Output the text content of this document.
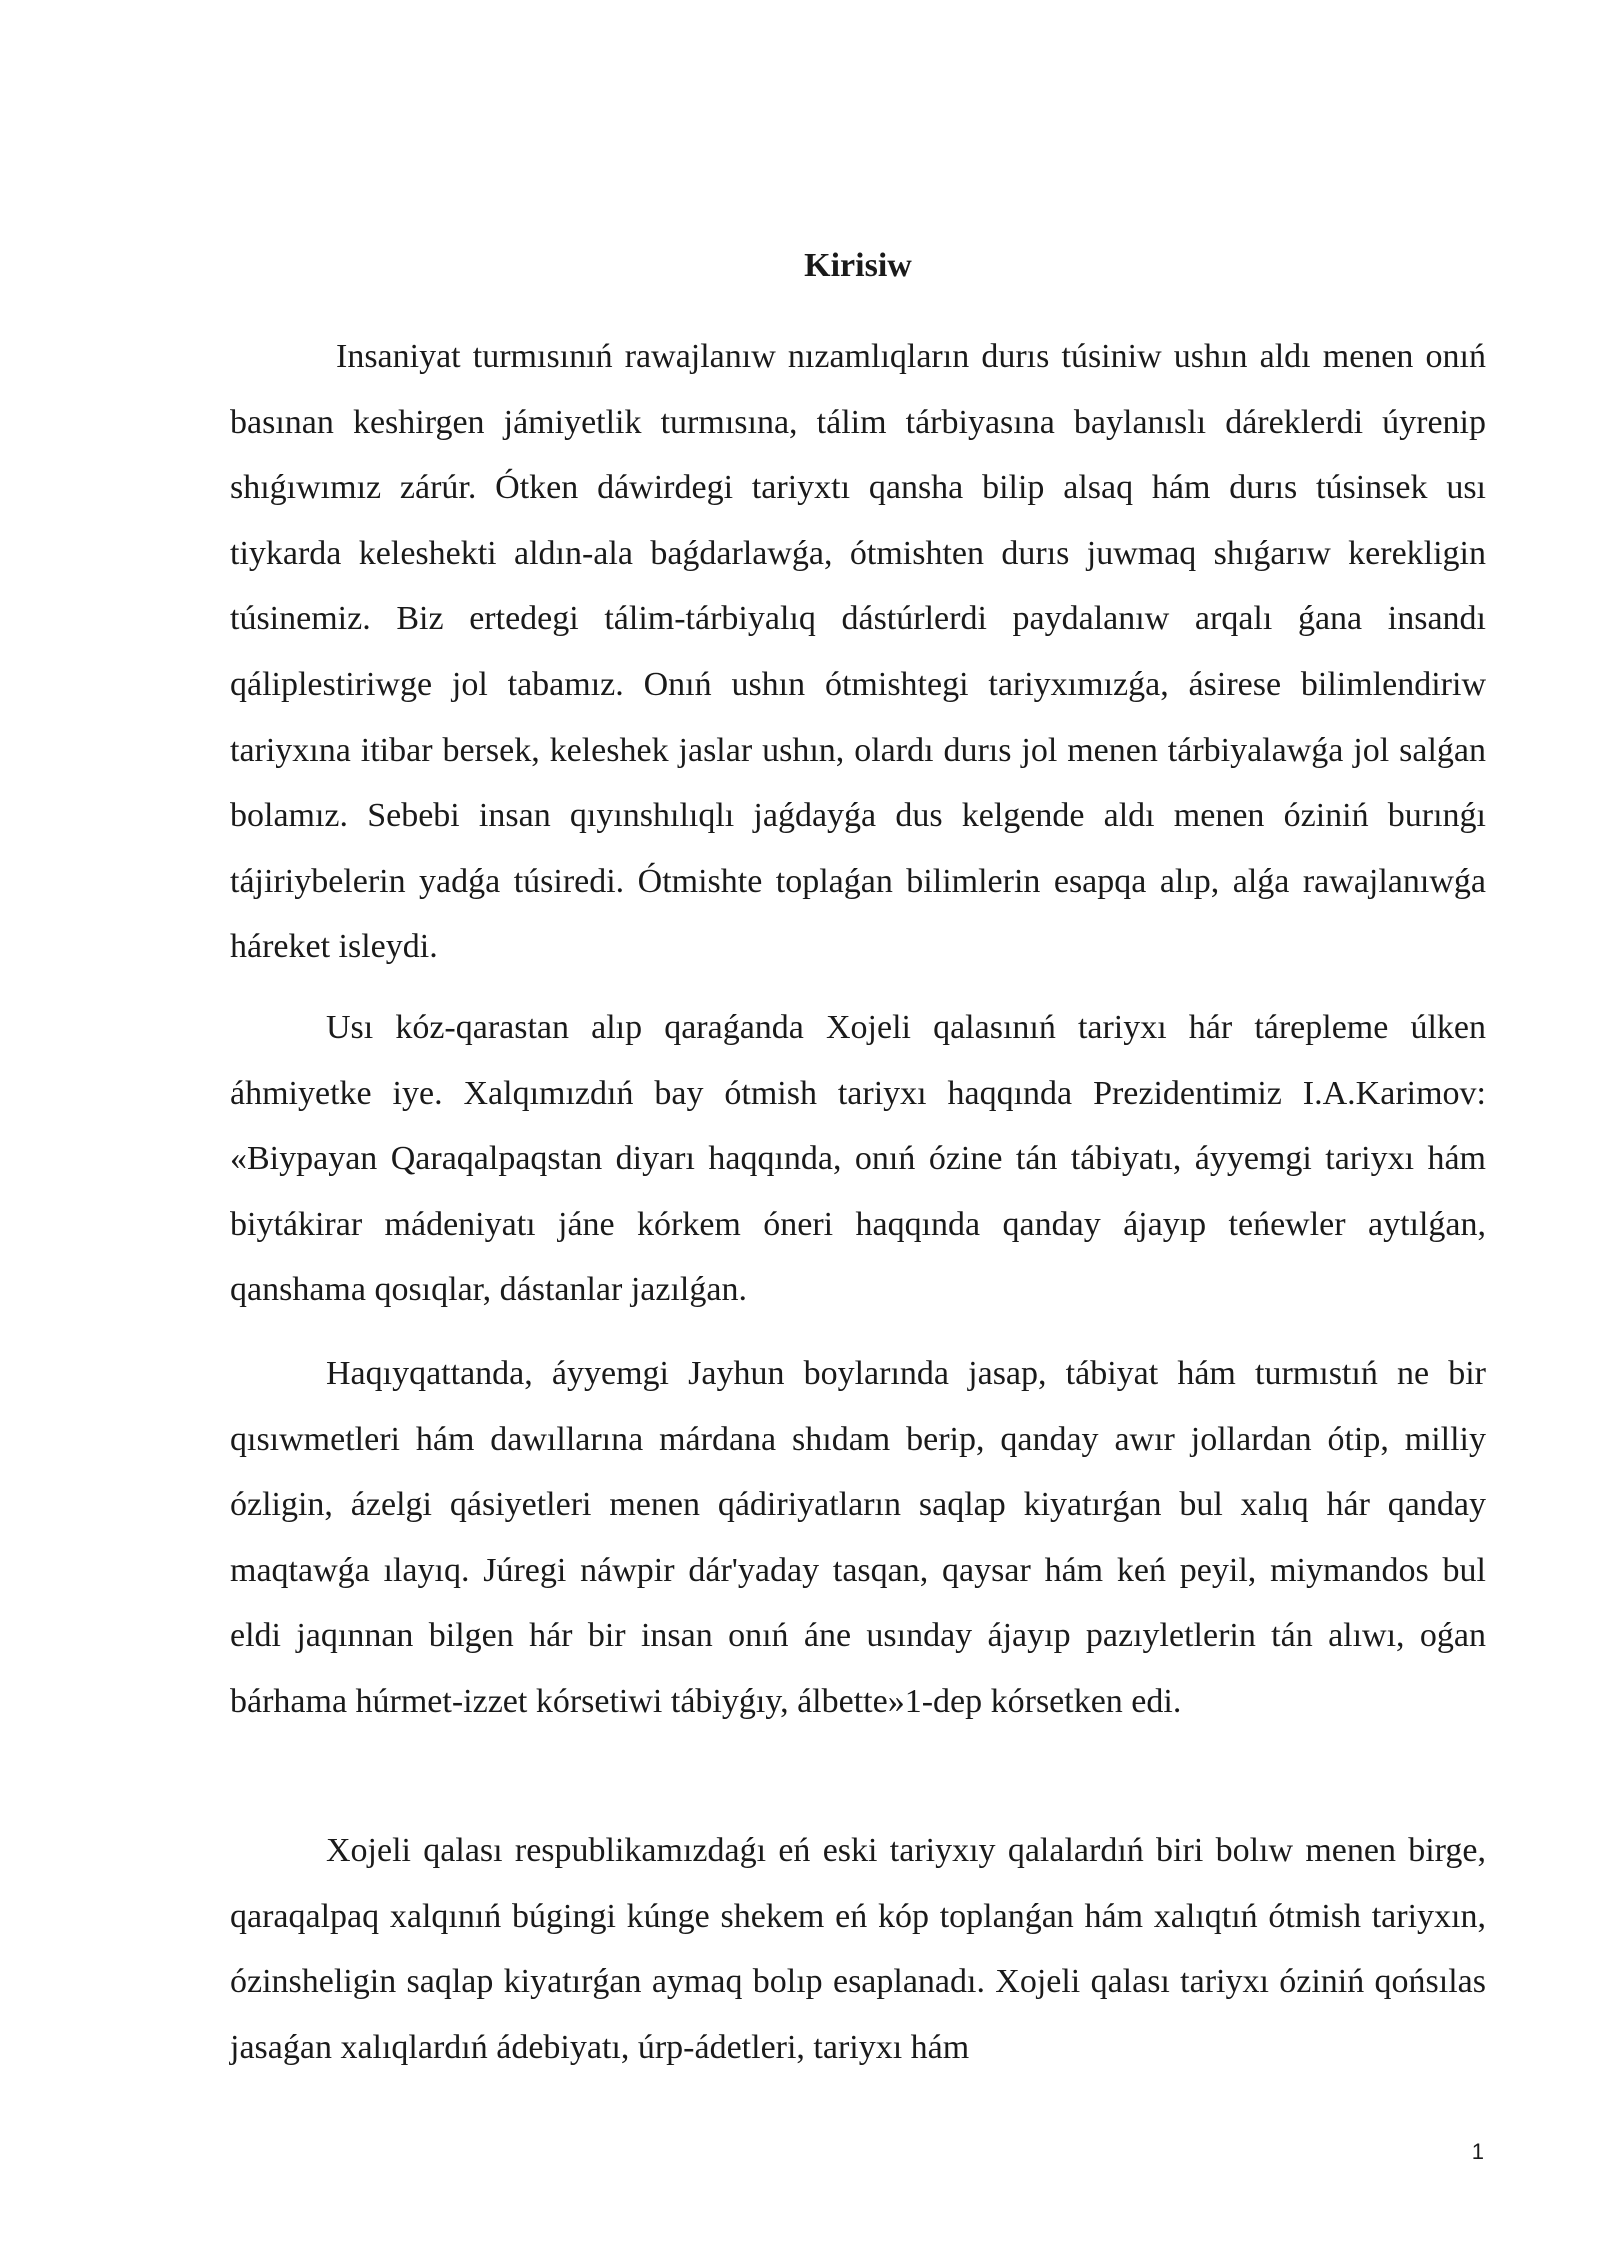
Kirisiw

Insaniyat turmısınıń rawajlanıw nızamlıqların durıs túsiniw ushın aldı menen onıń basınan keshirgen jámiyetlik turmısına, tálim tárbiyasına baylanıslı dáreklerdi úyrenip shıǵıwımız zárúr. Ótken dáwirdegi tariyxtı qansha bilip alsaq hám durıs túsinsek usı tiykarda keleshekti aldın-ala baǵdarlawǵa, ótmishten durıs juwmaq shıǵarıw kerekligin túsinemiz. Biz ertedegi tálim-tárbiyalıq dástúrlerdi paydalanıw arqalı ǵana insandı qáliplestiriwge jol tabamız. Onıń ushın ótmishtegi tariyxımızǵa, ásirese bilimlendiriw tariyxına itibar bersek, keleshek jaslar ushın, olardı durıs jol menen tárbiyalawǵa jol salǵan bolamız. Sebebi insan qıyınshılıqlı jaǵdayǵa dus kelgende aldı menen óziniń burınǵı tájiriybelerin yadǵa túsiredi. Ótmishte toplaǵan bilimlerin esapqa alıp, alǵa rawajlanıwǵa háreket isleydi.

Usı kóz-qarastan alıp qaraǵanda Xojeli qalasınıń tariyxı hár tárepleme úlken áhmiyetke iye. Xalqımızdıń bay ótmish tariyxı haqqında Prezidentimiz I.A.Karimov: «Biypayan Qaraqalpaqstan diyarı haqqında, onıń ózine tán tábiyatı, áyyemgi tariyxı hám biytákirar mádeniyatı jáne kórkem óneri haqqında qanday ájayıp teńewler aytılǵan, qanshama qosıqlar, dástanlar jazılǵan.

Haqıyqattanda, áyyemgi Jayhun boylarında jasap, tábiyat hám turmıstıń ne bir qısıwmetleri hám dawıllarına márdana shıdam berip, qanday awır jollardan ótip, milliy ózligin, ázelgi qásiyetleri menen qádiriyatların saqlap kiyatırǵan bul xalıq hár qanday maqtawǵa ılayıq. Júregi náwpir dár'yaday tasqan, qaysar hám keń peyil, miymandos bul eldi jaqınnan bilgen hár bir insan onıń áne usınday ájayıp pazıyletlerin tán alıwı, oǵan bárhama húrmet-izzet kórsetiwi tábiyǵıy, álbette»1-dep kórsetken edi.

Xojeli qalası respublikamızdaǵı eń eski tariyxıy qalalardıń biri bolıw menen birge, qaraqalpaq xalqınıń búgingi kúnge shekem eń kóp toplanǵan hám xalıqtıń ótmish tariyxın, ózinsheligin saqlap kiyatırǵan aymaq bolıp esaplanadı. Xojeli qalası tariyxı óziniń qońsılas jasaǵan xalıqlardıń ádebiyatı, úrp-ádetleri, tariyxı hám

1
